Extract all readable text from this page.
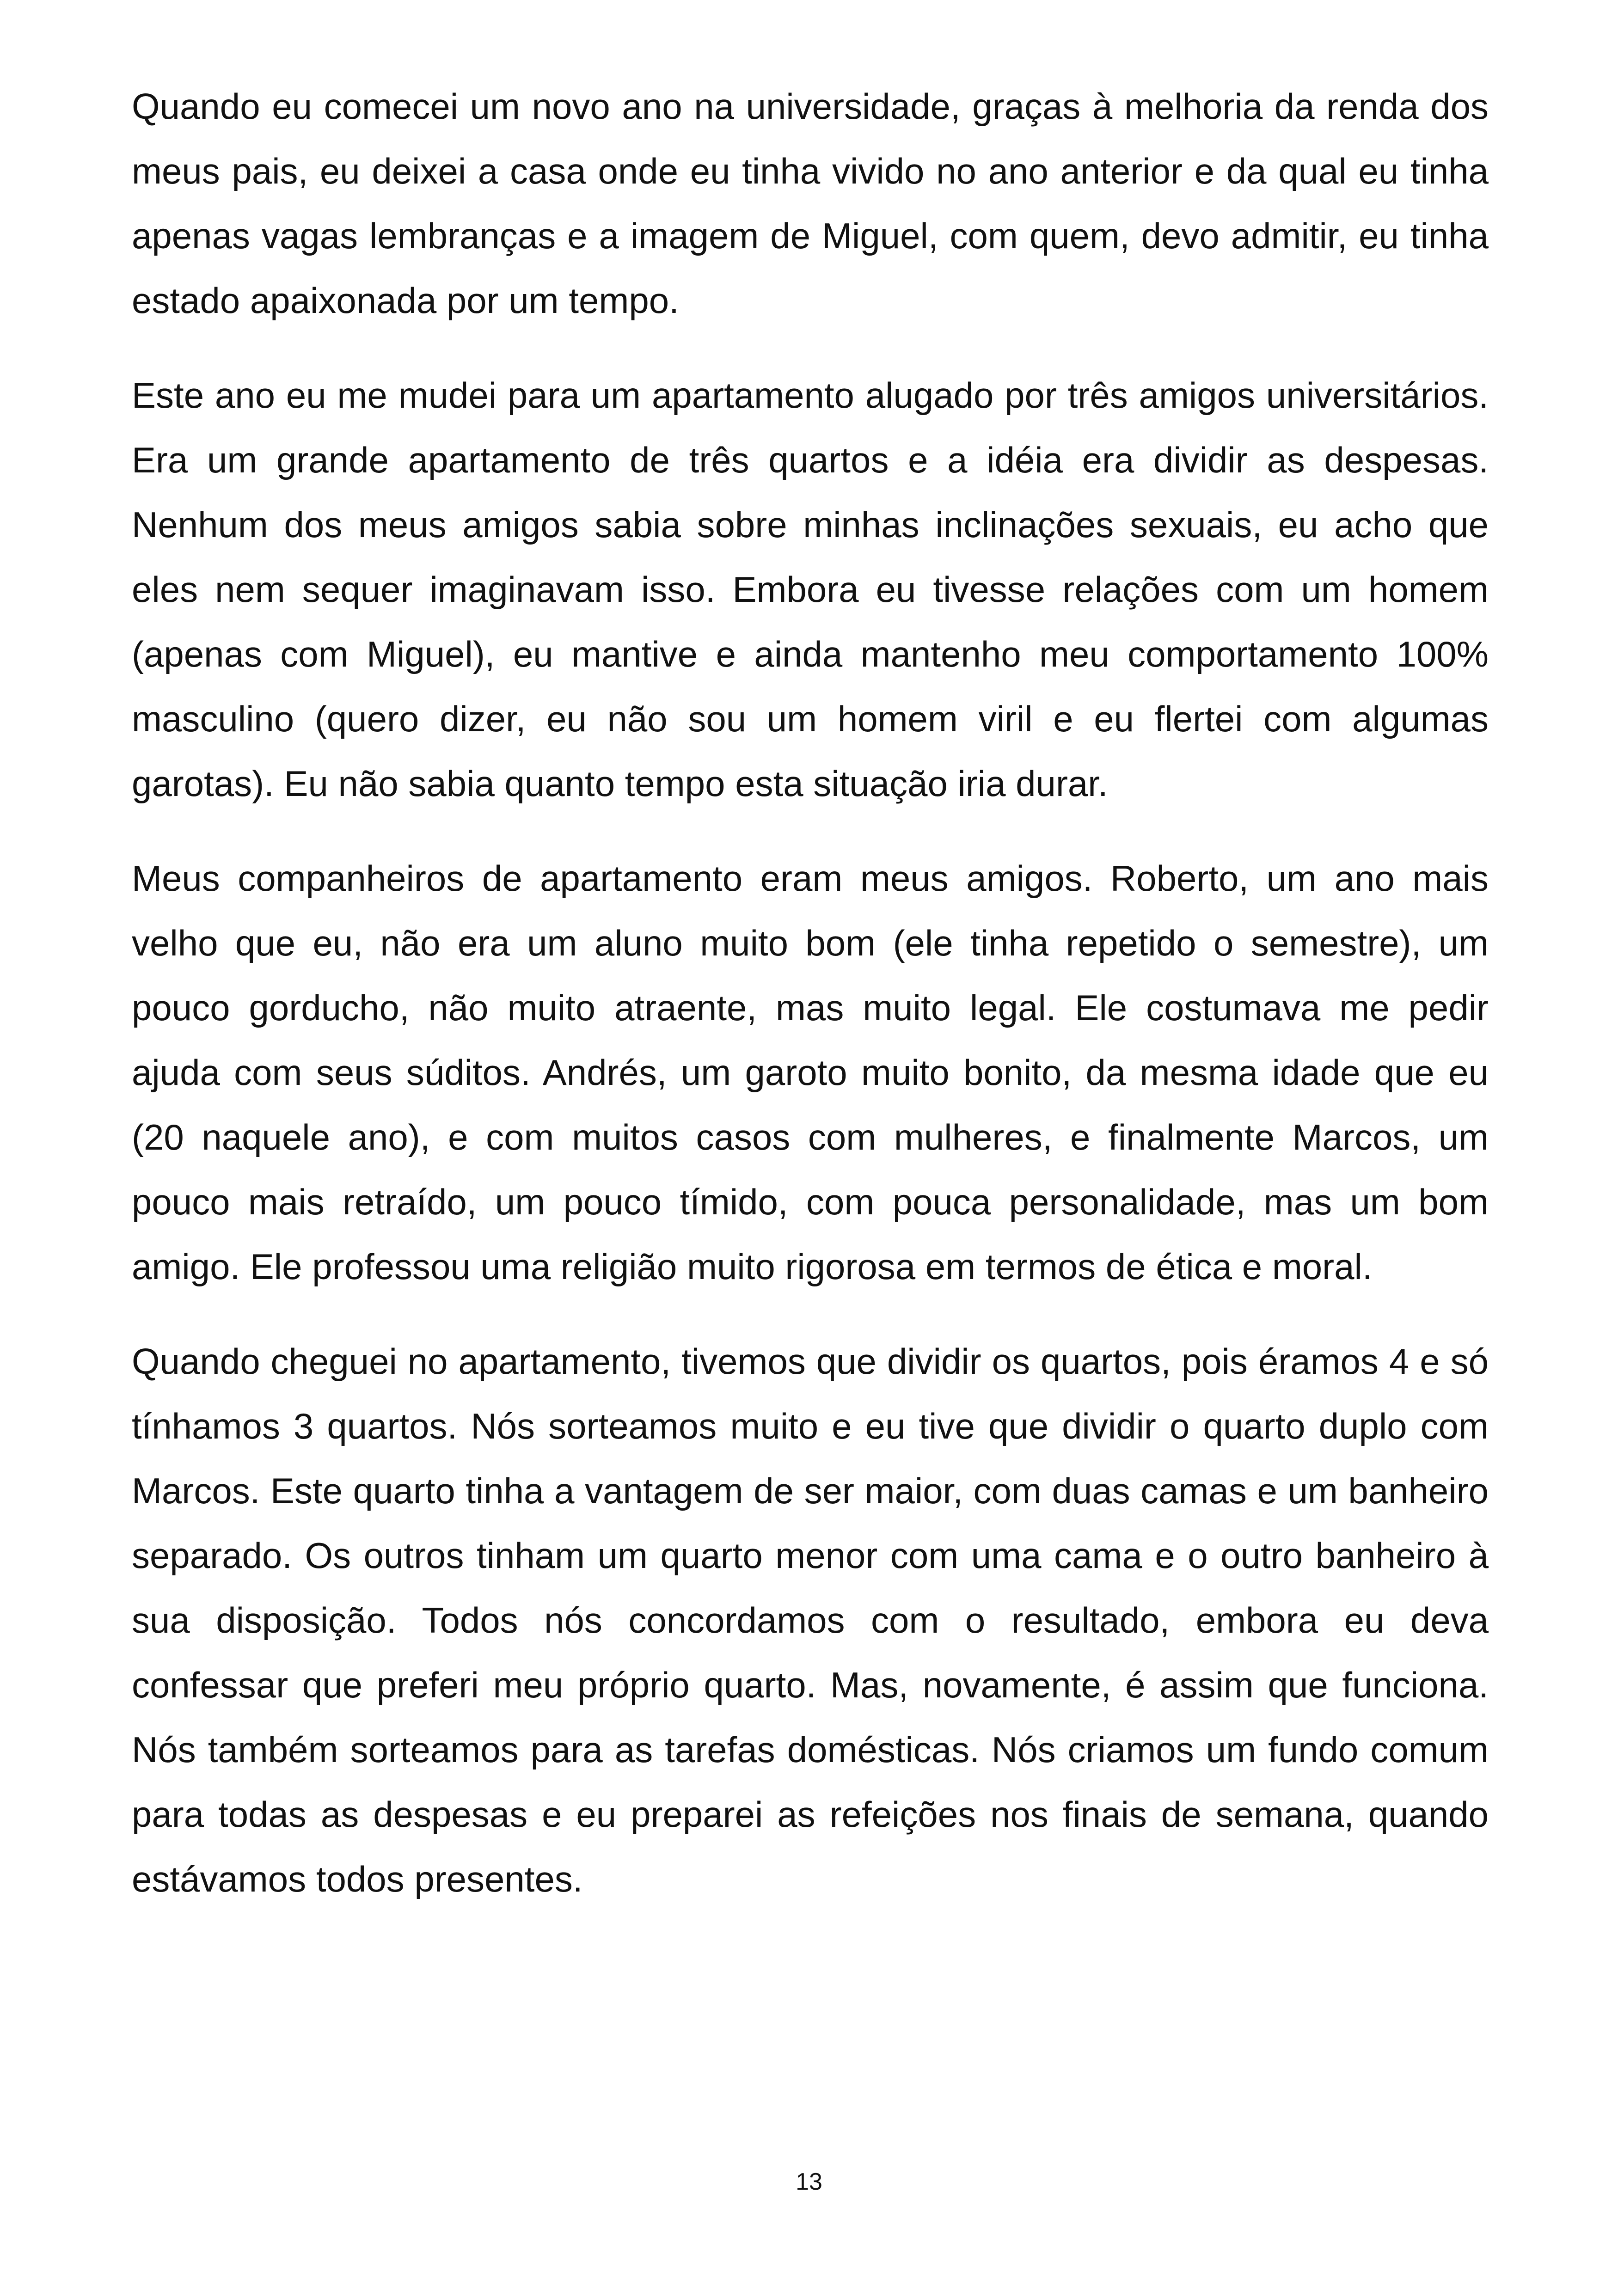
Quando eu comecei um novo ano na universidade, graças à melhoria da renda dos meus pais, eu deixei a casa onde eu tinha vivido no ano anterior e da qual eu tinha apenas vagas lembranças e a imagem de Miguel, com quem, devo admitir, eu tinha estado apaixonada por um tempo.

Este ano eu me mudei para um apartamento alugado por três amigos universitários. Era um grande apartamento de três quartos e a idéia era dividir as despesas. Nenhum dos meus amigos sabia sobre minhas inclinações sexuais, eu acho que eles nem sequer imaginavam isso. Embora eu tivesse relações com um homem (apenas com Miguel), eu mantive e ainda mantenho meu comportamento 100% masculino (quero dizer, eu não sou um homem viril e eu flertei com algumas garotas). Eu não sabia quanto tempo esta situação iria durar.

Meus companheiros de apartamento eram meus amigos. Roberto, um ano mais velho que eu, não era um aluno muito bom (ele tinha repetido o semestre), um pouco gorducho, não muito atraente, mas muito legal. Ele costumava me pedir ajuda com seus súditos. Andrés, um garoto muito bonito, da mesma idade que eu (20 naquele ano), e com muitos casos com mulheres, e finalmente Marcos, um pouco mais retraído, um pouco tímido, com pouca personalidade, mas um bom amigo. Ele professou uma religião muito rigorosa em termos de ética e moral.

Quando cheguei no apartamento, tivemos que dividir os quartos, pois éramos 4 e só tínhamos 3 quartos. Nós sorteamos muito e eu tive que dividir o quarto duplo com Marcos. Este quarto tinha a vantagem de ser maior, com duas camas e um banheiro separado. Os outros tinham um quarto menor com uma cama e o outro banheiro à sua disposição. Todos nós concordamos com o resultado, embora eu deva confessar que preferi meu próprio quarto. Mas, novamente, é assim que funciona. Nós também sorteamos para as tarefas domésticas. Nós criamos um fundo comum para todas as despesas e eu preparei as refeições nos finais de semana, quando estávamos todos presentes.

13
